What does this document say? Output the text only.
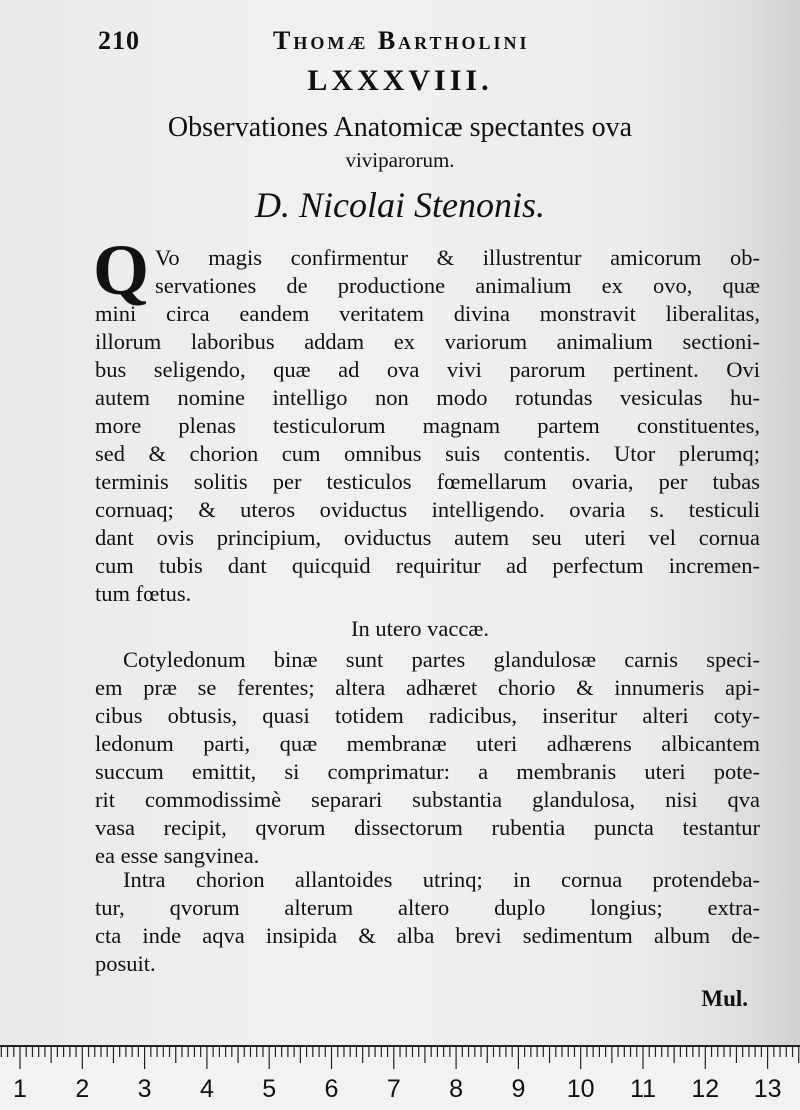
210	Thomæ Bartholini
LXXXVIII.
Observationes Anatomicæ spectantes ova
viviparorum.
D. Nicolai Stenonis.
Q Vo magis confirmentur & illustrentur amicorum ob-
servationes de productione animalium ex ovo, quæ
mini circa eandem veritatem divina monstravit liberalitas,
illorum laboribus addam ex variorum animalium sectioni-
bus seligendo, quæ ad ova vivi parorum pertinent. Ovi
autem nomine intelligo non modo rotundas vesiculas hu-
more plenas testiculorum magnam partem constituentes,
sed & chorion cum omnibus suis contentis. Utor plerumq;
terminis solitis per testiculos fœmellarum ovaria, per tubas
cornuaq; & uteros oviductus intelligendo. ovaria s. testiculi
dant ovis principium, oviductus autem seu uteri vel cornua
cum tubis dant quicquid requiritur ad perfectum incremen-
tum fœtus.
In utero vaccæ.
Cotyledonum binæ sunt partes glandulosæ carnis speci-
em præ se ferentes; altera adhæret chorio & innumeris api-
cibus obtusis, quasi totidem radicibus, inseritur alteri coty-
ledonum parti, quæ membranæ uteri adhærens albicantem
succum emittit, si comprimatur: a membranis uteri pote-
rit commodissimè separari substantia glandulosa, nisi qva
vasa recipit, qvorum dissectorum rubentia puncta testantur
ea esse sangvinea.
Intra chorion allantoides utrinq; in cornua protendeba-
tur, qvorum alterum altero duplo longius; extra-
cta inde aqva insipida & alba brevi sedimentum album de-
posuit.
Mul.
1	2	3	4	5	6	7	8	9	10 11 12 13
